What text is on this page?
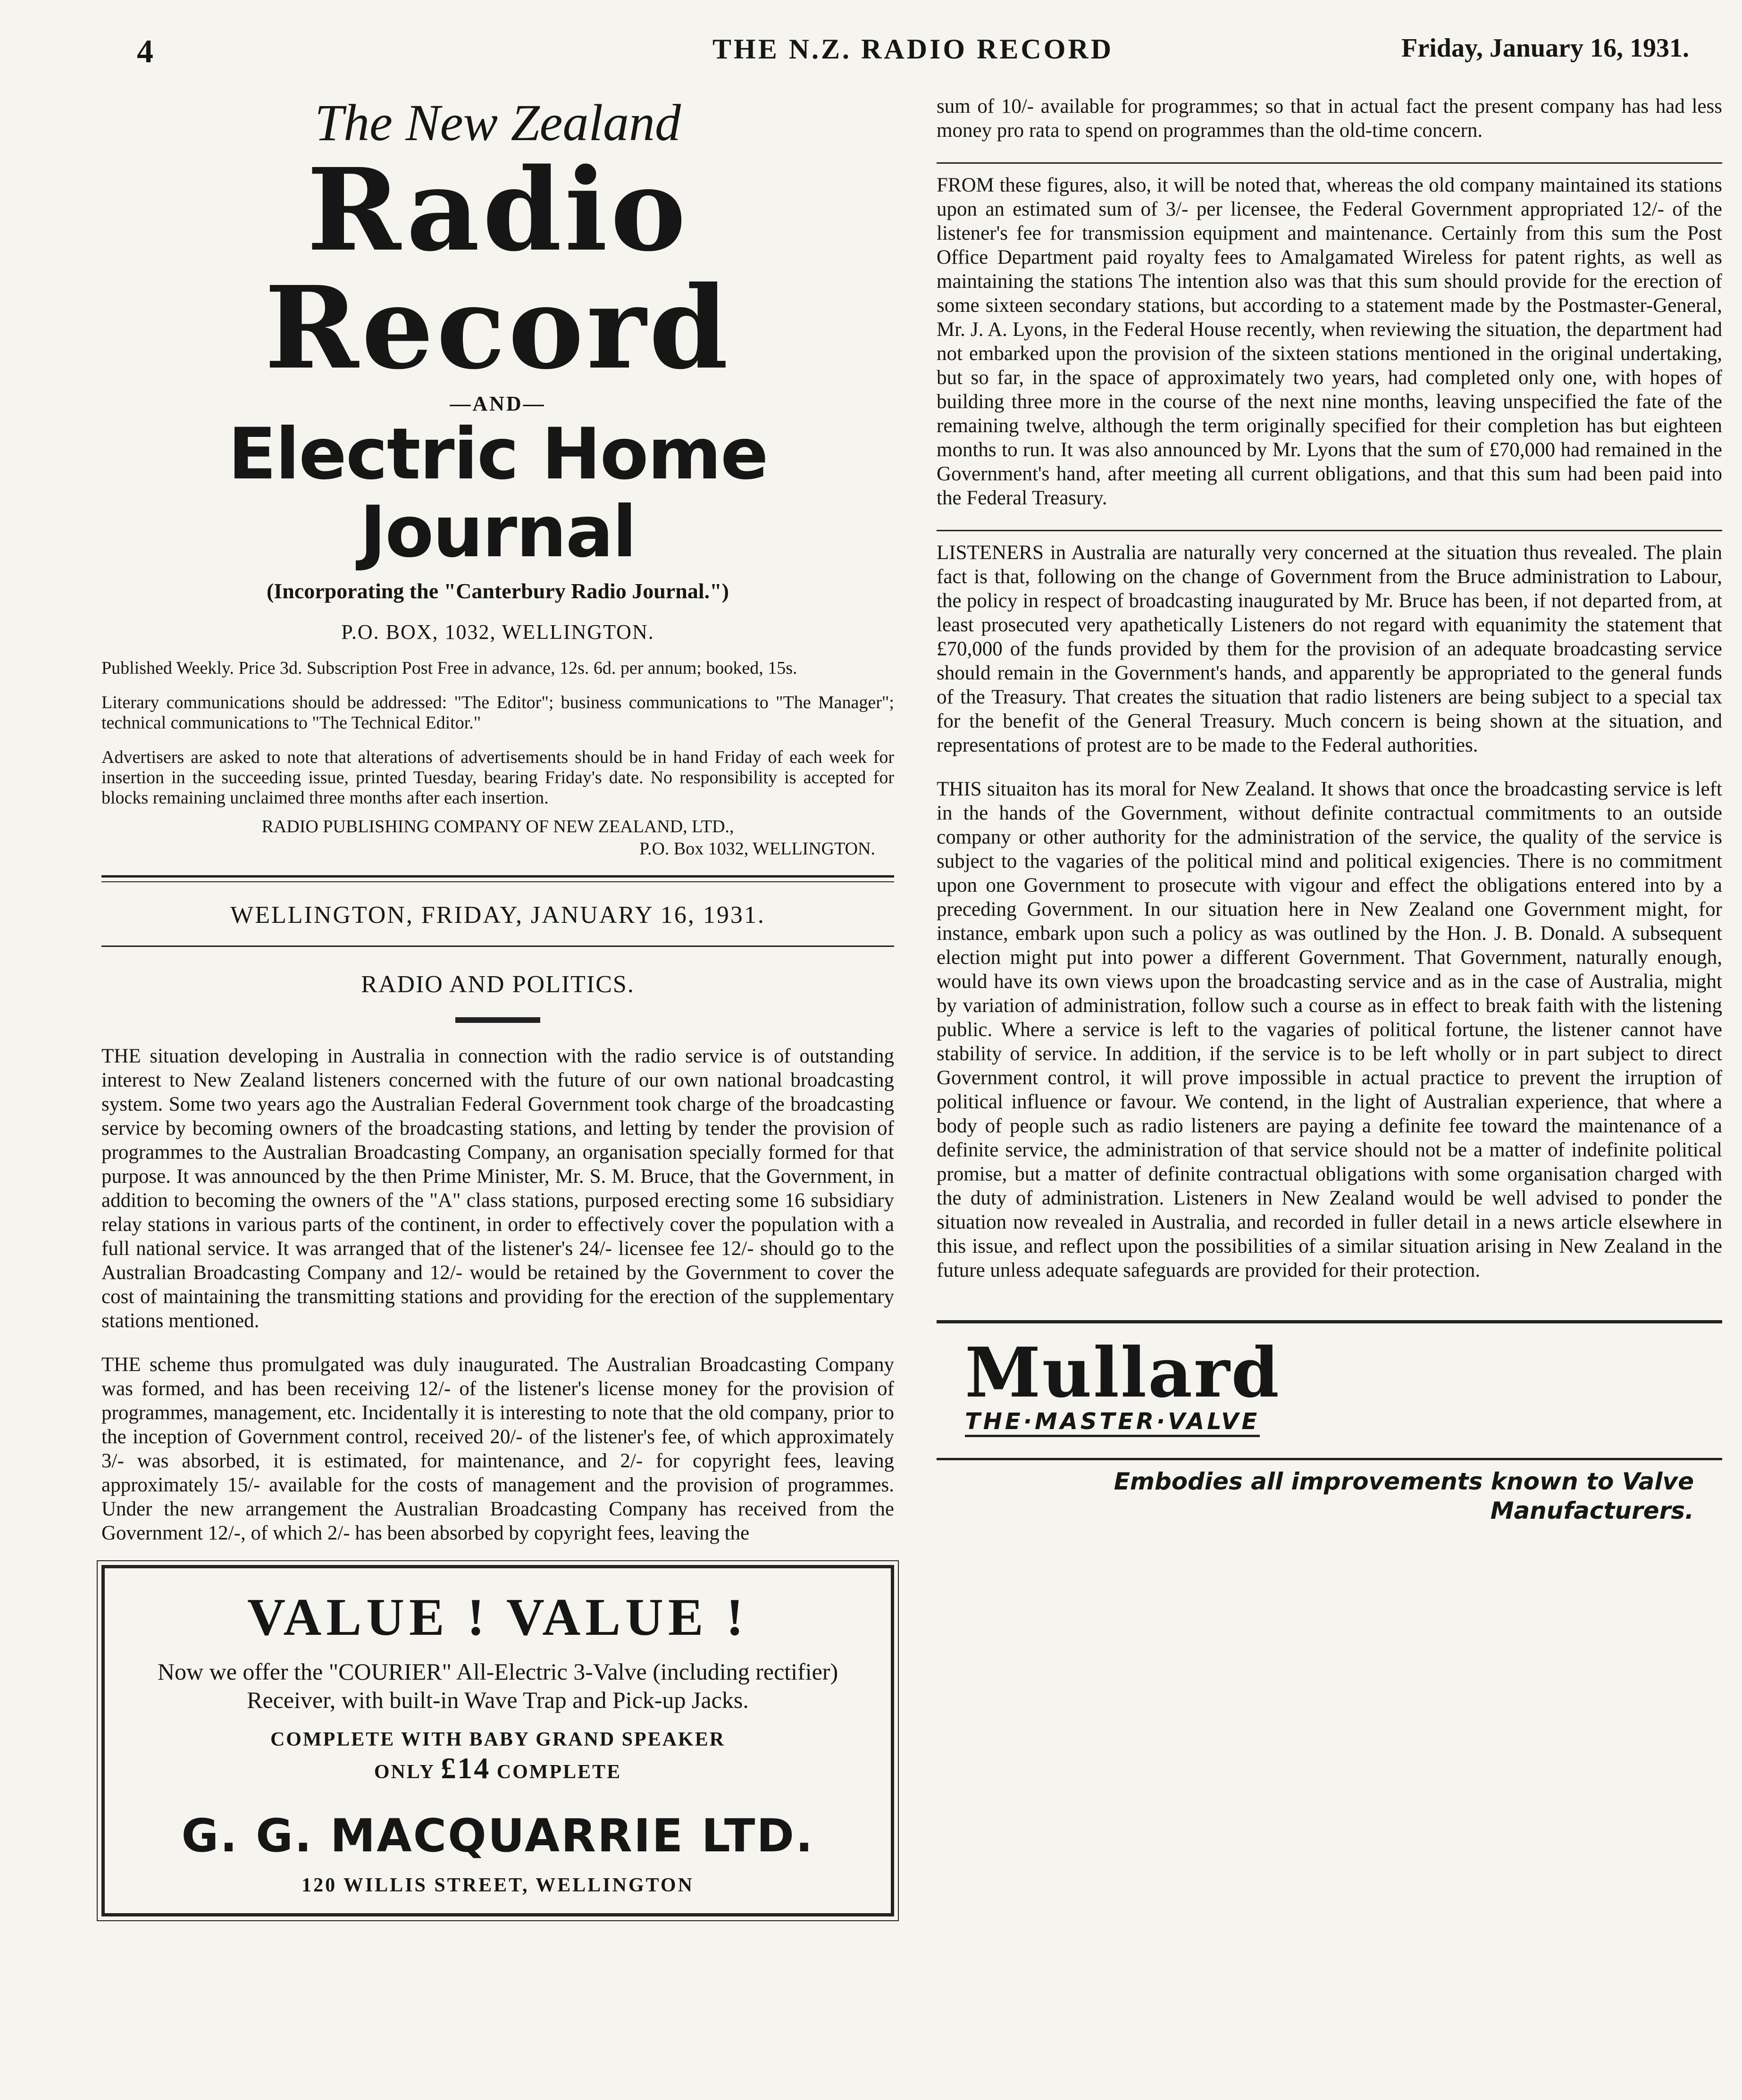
4	THE N.Z. RADIO RECORD	Friday, January 16, 1931.
The New Zealand
Radio Record
—AND—
Electric Home Journal
(Incorporating the "Canterbury Radio Journal.")
P.O. BOX, 1032, WELLINGTON.
Published Weekly. Price 3d. Subscription Post Free in advance, 12s. 6d. per annum; booked, 15s.
Literary communications should be addressed: "The Editor"; business communications to "The Manager"; technical communications to "The Technical Editor."
Advertisers are asked to note that alterations of advertisements should be in hand Friday of each week for insertion in the succeeding issue, printed Tuesday, bearing Friday's date. No responsibility is accepted for blocks remaining unclaimed three months after each insertion.
RADIO PUBLISHING COMPANY OF NEW ZEALAND, LTD.,
P.O. Box 1032, WELLINGTON.
WELLINGTON, FRIDAY, JANUARY 16, 1931.
RADIO AND POLITICS.

THE situation developing in Australia in connection with the radio service is of outstanding interest to New Zealand listeners concerned with the future of our own national broadcasting system. Some two years ago the Australian Federal Government took charge of the broadcasting service by becoming owners of the broadcasting stations, and letting by tender the provision of programmes to the Australian Broadcasting Company, an organisation specially formed for that purpose. It was announced by the then Prime Minister, Mr. S. M. Bruce, that the Government, in addition to becoming the owners of the "A" class stations, purposed erecting some 16 subsidiary relay stations in various parts of the continent, in order to effectively cover the population with a full national service. It was arranged that of the listener's 24/- licensee fee 12/- should go to the Australian Broadcasting Company and 12/- would be retained by the Government to cover the cost of maintaining the transmitting stations and providing for the erection of the supplementary stations mentioned.

THE scheme thus promulgated was duly inaugurated. The Australian Broadcasting Company was formed, and has been receiving 12/- of the listener's license money for the provision of programmes, management, etc. Incidentally it is interesting to note that the old company, prior to the inception of Government control, received 20/- of the listener's fee, of which approximately 3/- was absorbed, it is estimated, for maintenance, and 2/- for copyright fees, leaving approximately 15/- available for the costs of management and the provision of programmes. Under the new arrangement the Australian Broadcasting Company has received from the Government 12/-, of which 2/- has been absorbed by copyright fees, leaving the

VALUE ! VALUE !
Now we offer the "COURIER" All-Electric 3-Valve (including rectifier) Receiver, with built-in Wave Trap and Pick-up Jacks.
COMPLETE WITH BABY GRAND SPEAKER
ONLY £14 COMPLETE
G. G. MACQUARRIE LTD.
120 WILLIS STREET, WELLINGTON

sum of 10/- available for programmes; so that in actual fact the present company has had less money pro rata to spend on programmes than the old-time concern.

FROM these figures, also, it will be noted that, whereas the old company maintained its stations upon an estimated sum of 3/- per licensee, the Federal Government appropriated 12/- of the listener's fee for transmission equipment and maintenance. Certainly from this sum the Post Office Department paid royalty fees to Amalgamated Wireless for patent rights, as well as maintaining the stations The intention also was that this sum should provide for the erection of some sixteen secondary stations, but according to a statement made by the Postmaster-General, Mr. J. A. Lyons, in the Federal House recently, when reviewing the situation, the department had not embarked upon the provision of the sixteen stations mentioned in the original undertaking, but so far, in the space of approximately two years, had completed only one, with hopes of building three more in the course of the next nine months, leaving unspecified the fate of the remaining twelve, although the term originally specified for their completion has but eighteen months to run. It was also announced by Mr. Lyons that the sum of £70,000 had remained in the Government's hand, after meeting all current obligations, and that this sum had been paid into the Federal Treasury.

LISTENERS in Australia are naturally very concerned at the situation thus revealed. The plain fact is that, following on the change of Government from the Bruce administration to Labour, the policy in respect of broadcasting inaugurated by Mr. Bruce has been, if not departed from, at least prosecuted very apathetically Listeners do not regard with equanimity the statement that £70,000 of the funds provided by them for the provision of an adequate broadcasting service should remain in the Government's hands, and apparently be appropriated to the general funds of the Treasury. That creates the situation that radio listeners are being subject to a special tax for the benefit of the General Treasury. Much concern is being shown at the situation, and representations of protest are to be made to the Federal authorities.

THIS situaiton has its moral for New Zealand. It shows that once the broadcasting service is left in the hands of the Government, without definite contractual commitments to an outside company or other authority for the administration of the service, the quality of the service is subject to the vagaries of the political mind and political exigencies. There is no commitment upon one Government to prosecute with vigour and effect the obligations entered into by a preceding Government. In our situation here in New Zealand one Government might, for instance, embark upon such a policy as was outlined by the Hon. J. B. Donald. A subsequent election might put into power a different Government. That Government, naturally enough, would have its own views upon the broadcasting service and as in the case of Australia, might by variation of administration, follow such a course as in effect to break faith with the listening public. Where a service is left to the vagaries of political fortune, the listener cannot have stability of service. In addition, if the service is to be left wholly or in part subject to direct Government control, it will prove impossible in actual practice to prevent the irruption of political influence or favour. We contend, in the light of Australian experience, that where a body of people such as radio listeners are paying a definite fee toward the maintenance of a definite service, the administration of that service should not be a matter of indefinite political promise, but a matter of definite contractual obligations with some organisation charged with the duty of administration. Listeners in New Zealand would be well advised to ponder the situation now revealed in Australia, and recorded in fuller detail in a news article elsewhere in this issue, and reflect upon the possibilities of a similar situation arising in New Zealand in the future unless adequate safeguards are provided for their protection.

Mullard
THE·MASTER·VALVE
Embodies all improvements known to Valve Manufacturers.
